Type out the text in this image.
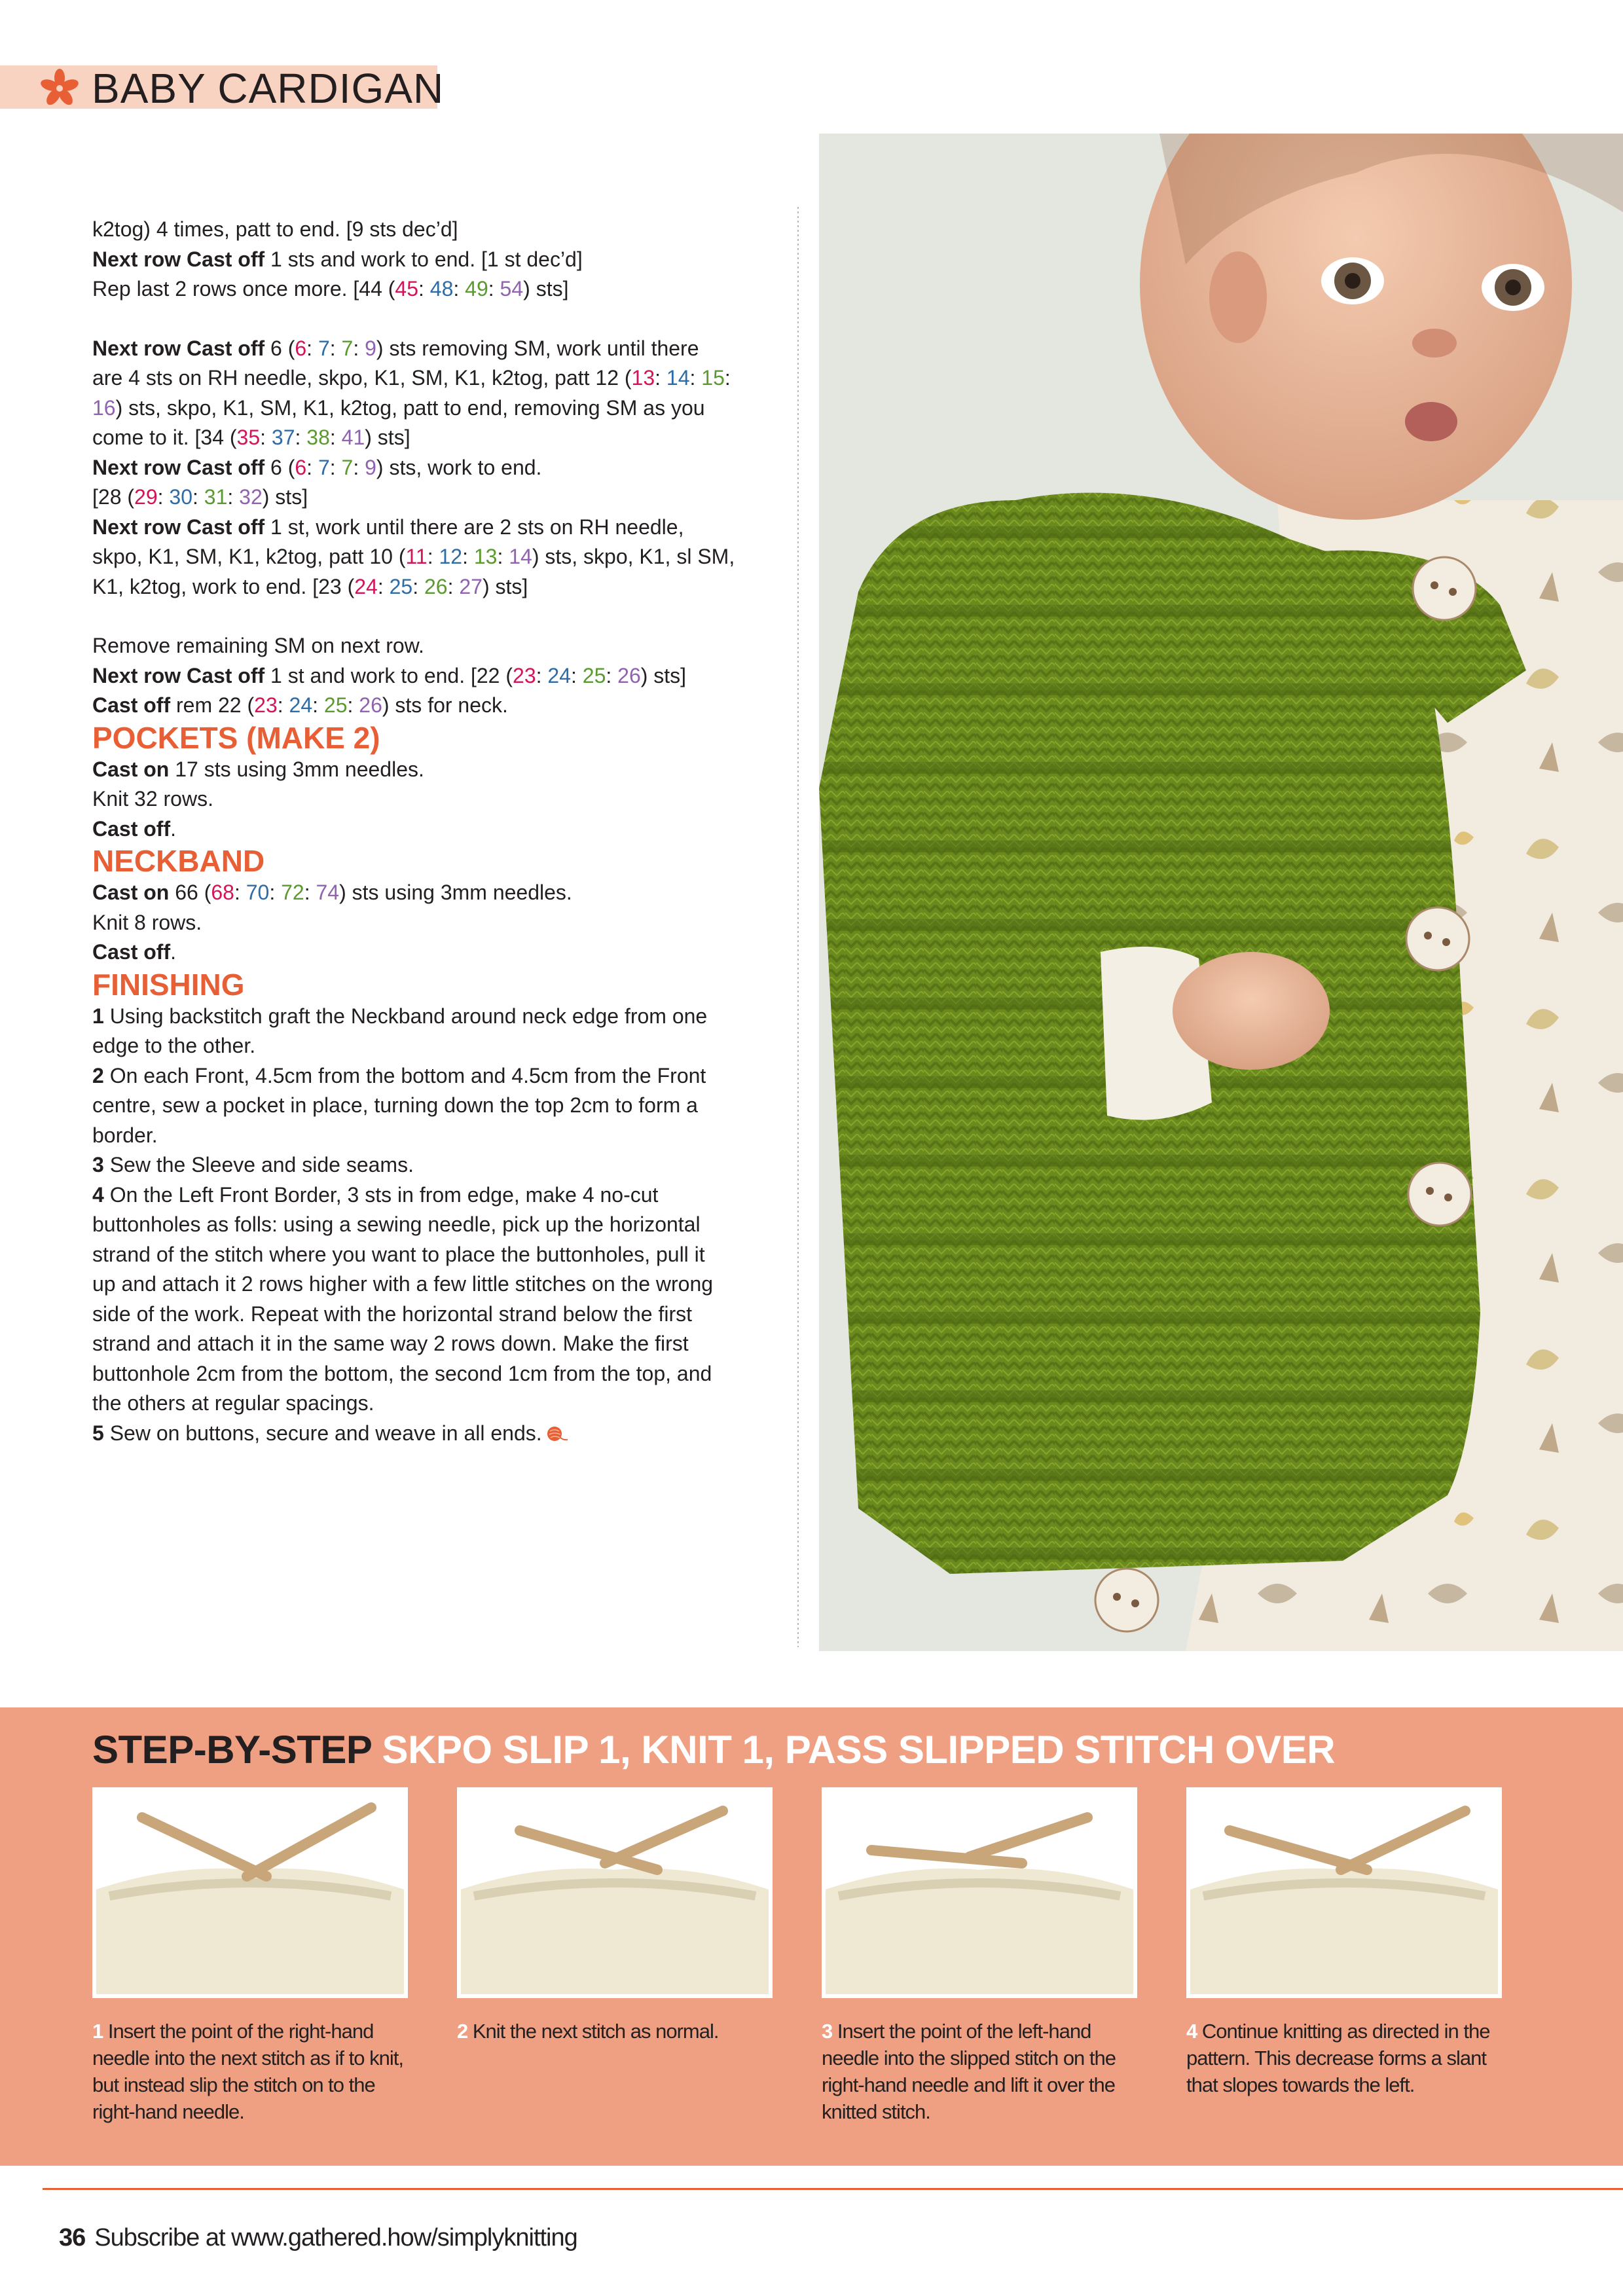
BABY CARDIGAN

k2tog) 4 times, patt to end. [9 sts dec’d]

Next row Cast off 1 sts and work to end. [1 st dec’d]

Rep last 2 rows once more. [44 (45: 48: 49: 54) sts]

Next row Cast off 6 (6: 7: 7: 9) sts removing SM, work until there

are 4 sts on RH needle, skpo, K1, SM, K1, k2tog, patt 12 (13: 14: 15:

16) sts, skpo, K1, SM, K1, k2tog, patt to end, removing SM as you

come to it. [34 (35: 37: 38: 41) sts]

Next row Cast off 6 (6: 7: 7: 9) sts, work to end.

[28 (29: 30: 31: 32) sts]

Next row Cast off 1 st, work until there are 2 sts on RH needle,

skpo, K1, SM, K1, k2tog, patt 10 (11: 12: 13: 14) sts, skpo, K1, sl SM,

K1, k2tog, work to end. [23 (24: 25: 26: 27) sts]

Remove remaining SM on next row.

Next row Cast off 1 st and work to end. [22 (23: 24: 25: 26) sts]

Cast off rem 22 (23: 24: 25: 26) sts for neck.

POCKETS (MAKE 2)

Cast on 17 sts using 3mm needles.

Knit 32 rows.

Cast off.

NECKBAND

Cast on 66 (68: 70: 72: 74) sts using 3mm needles.

Knit 8 rows.

Cast off.

FINISHING

1 Using backstitch graft the Neckband around neck edge from one

edge to the other.

2 On each Front, 4.5cm from the bottom and 4.5cm from the Front

centre, sew a pocket in place, turning down the top 2cm to form a

border.

3 Sew the Sleeve and side seams.

4 On the Left Front Border, 3 sts in from edge, make 4 no-cut

buttonholes as folls: using a sewing needle, pick up the horizontal

strand of the stitch where you want to place the buttonholes, pull it

up and attach it 2 rows higher with a few little stitches on the wrong

side of the work. Repeat with the horizontal strand below the first

strand and attach it in the same way 2 rows down. Make the first

buttonhole 2cm from the bottom, the second 1cm from the top, and

the others at regular spacings.

5 Sew on buttons, secure and weave in all ends.

STEP-BY-STEP SKPO SLIP 1, KNIT 1, PASS SLIPPED STITCH OVER
1 Insert the point of the right-hand needle into the next stitch as if to knit, but instead slip the stitch on to the right-hand needle.
2 Knit the next stitch as normal.	3 Insert the point of the left-hand needle into the slipped stitch on the right-hand needle and lift it over the knitted stitch.
4 Continue knitting as directed in the pattern. This decrease forms a slant that slopes towards the left.
36 Subscribe at www.gathered.how/simplyknitting
